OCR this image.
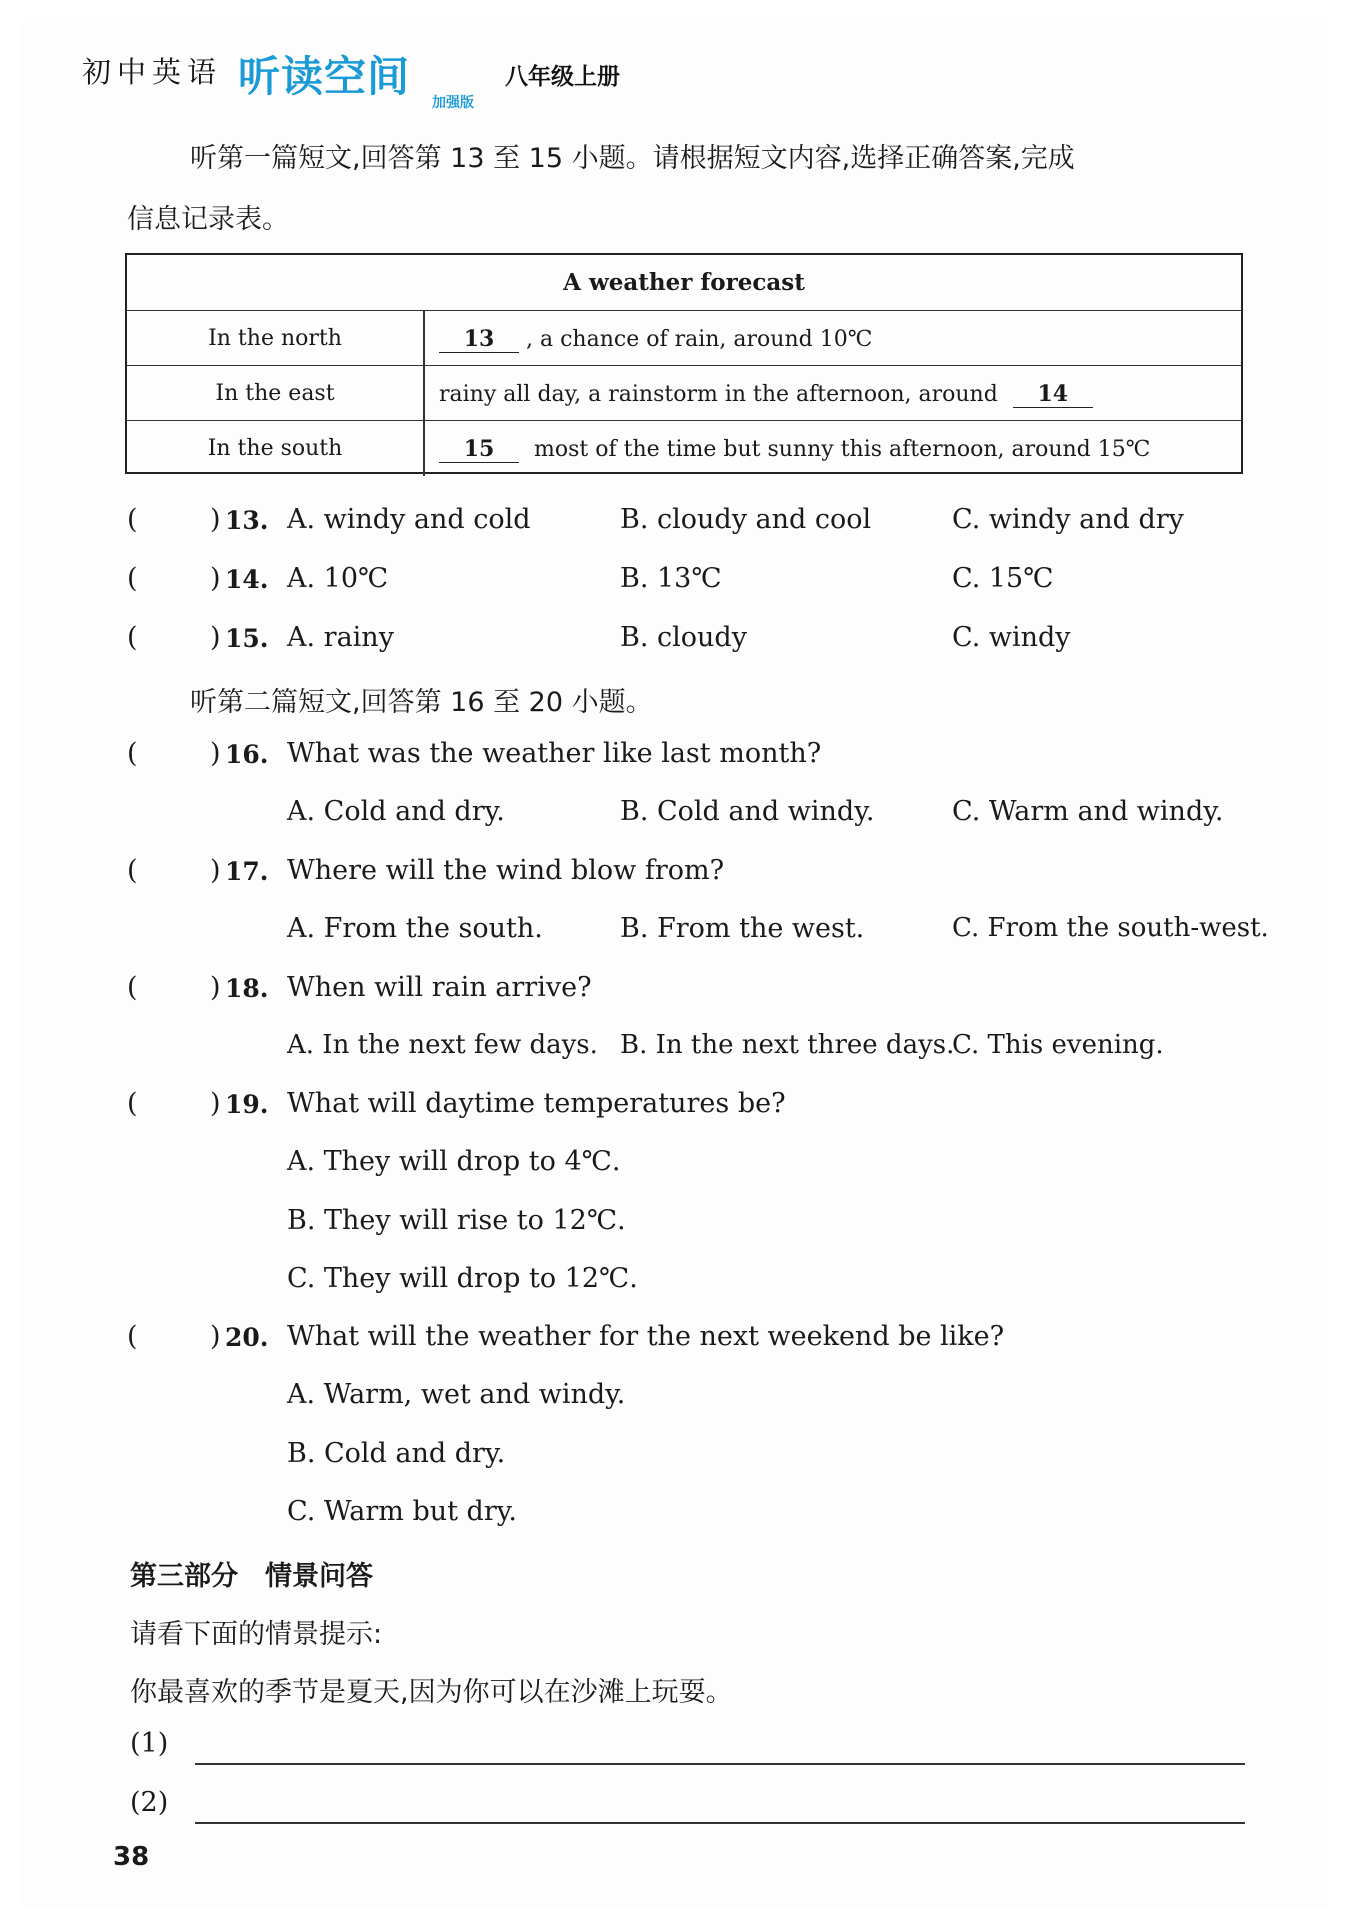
初中英语 听读空间
加强版
八年级上册
听第一篇短文,回答第 13 至 15 小题。请根据短文内容,选择正确答案,完成
信息记录表。
A weather forecast
In the north	13 , a chance of rain, around 10℃
In the east	rainy all day, a rainstorm in the afternoon, around 14
In the south	15 most of the time but sunny this afternoon, around 15℃
(	) 13. A. windy and cold	B. cloudy and cool	C. windy and dry
(	) 14. A. 10℃	B. 13℃	C. 15℃
(	) 15. A. rainy	B. cloudy	C. windy
听第二篇短文,回答第 16 至 20 小题。
(	) 16. What was the weather like last month?
A. Cold and dry.	B. Cold and windy.	C. Warm and windy.
(	) 17. Where will the wind blow from?
A. From the south.	B. From the west.	C. From the south-west.
(	) 18. When will rain arrive?
A. In the next few days. B. In the next three days.
C. This evening.
(	) 19. What will daytime temperatures be?
A. They will drop to 4℃.
B. They will rise to 12℃.
C. They will drop to 12℃.
(	) 20. What will the weather for the next weekend be like?
A. Warm, wet and windy.
B. Cold and dry.
C. Warm but dry.
第三部分　情景问答
请看下面的情景提示:
你最喜欢的季节是夏天,因为你可以在沙滩上玩耍。
(1)
(2)
38
